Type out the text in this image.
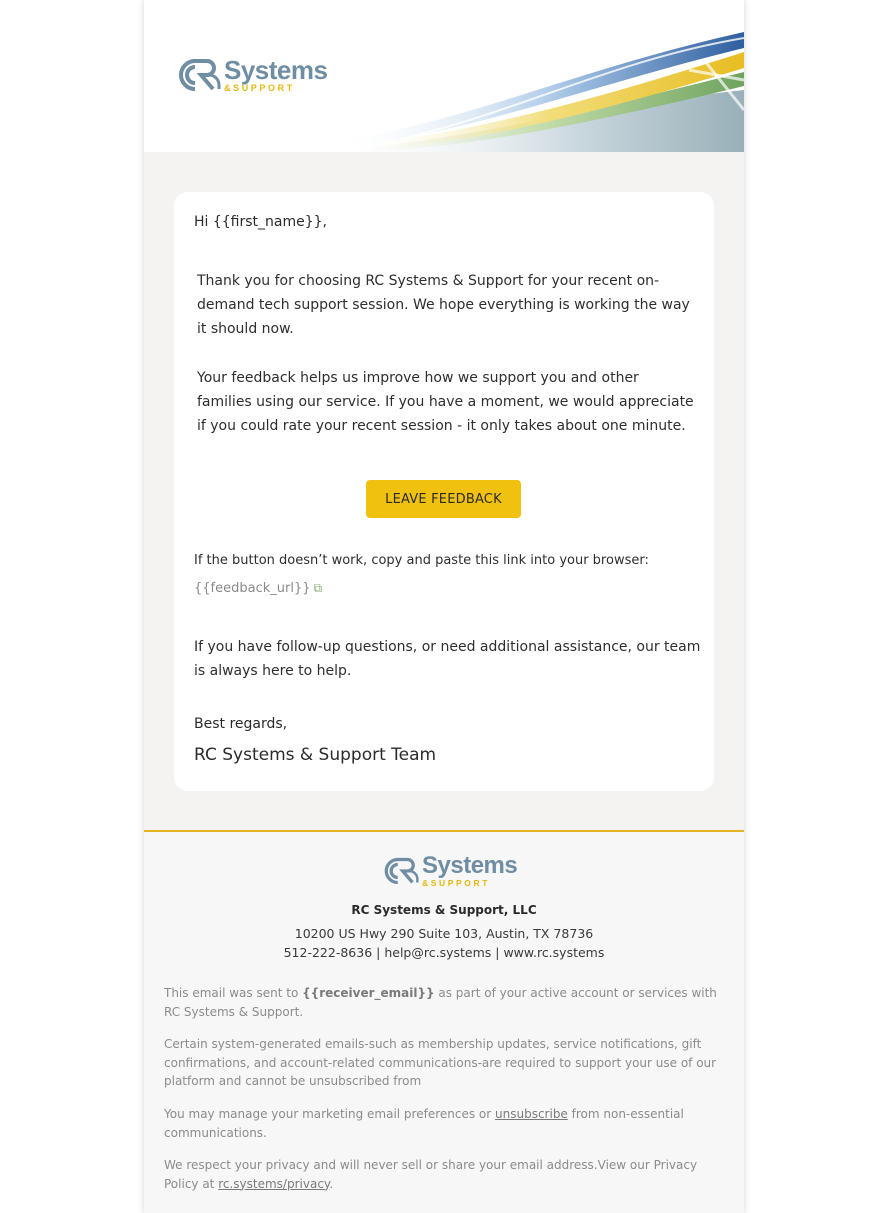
Systems
&SUPPORT

Hi {{first_name}},

Thank you for choosing RC Systems & Support for your recent on-demand tech support session. We hope everything is working the way it should now.

Your feedback helps us improve how we support you and other families using our service. If you have a moment, we would appreciate if you could rate your recent session - it only takes about one minute.

LEAVE FEEDBACK

If the button doesn’t work, copy and paste this link into your browser:

{{feedback_url}} ⧉

If you have follow-up questions, or need additional assistance, our team is always here to help.

Best regards,

RC Systems & Support Team

RC Systems & Support, LLC
10200 US Hwy 290 Suite 103, Austin, TX 78736
512-222-8636 | help@rc.systems | www.rc.systems

This email was sent to {{receiver_email}} as part of your active account or services with RC Systems & Support.

Certain system-generated emails-such as membership updates, service notifications, gift confirmations, and account-related communications-are required to support your use of our platform and cannot be unsubscribed from

You may manage your marketing email preferences or unsubscribe from non-essential communications.

We respect your privacy and will never sell or share your email address.View our Privacy Policy at rc.systems/privacy.

Systems
&SUPPORT
